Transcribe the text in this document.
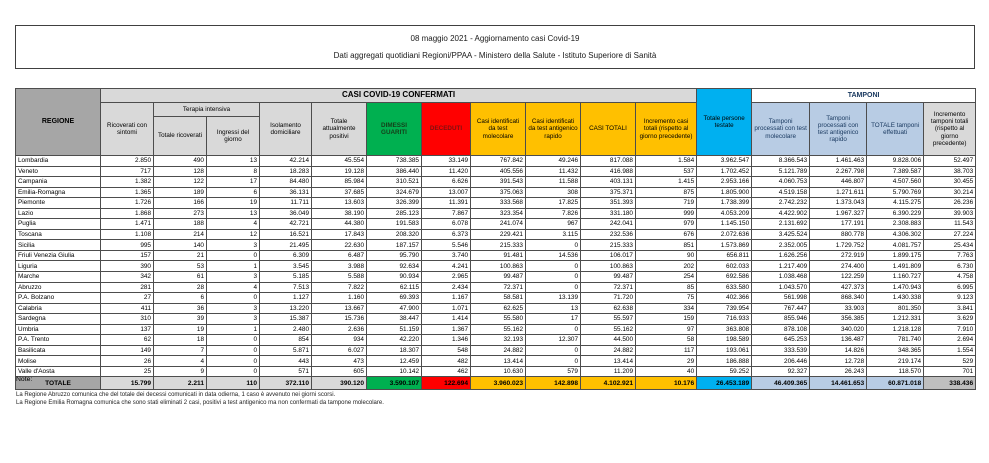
08 maggio 2021 - Aggiornamento casi Covid-19
Dati aggregati quotidiani Regioni/PPAA - Ministero della Salute - Istituto Superiore di Sanità
REGIONE	CASI COVID-19 CONFERMATI											Totale persone testate	TAMPONI			
	Ricoverati con sintomi	Terapia intensiva		Isolamento domiciliare	Totale attualmente positivi	DIMESSI GUARITI	DECEDUTI	Casi identificati da test molecolare	Casi identificati da test antigenico rapido	CASI TOTALI	Incremento casi totali (rispetto al giorno precedente)		Tamponi processati con test molecolare	Tamponi processati con test antigenico rapido	TOTALE tamponi effettuati	Incremento tamponi totali (rispetto al giorno precedente)
		Totale ricoverati	Ingressi del giorno													
Lombardia	2.850	490	13	42.214	45.554	738.385	33.149	767.842	49.246	817.088	1.584	3.962.547	8.366.543	1.461.463	9.828.006	52.497
Veneto	717	128	8	18.283	19.128	386.440	11.420	405.556	11.432	416.988	537	1.702.452	5.121.789	2.267.798	7.389.587	38.703
Campania	1.382	122	17	84.480	85.984	310.521	6.626	391.543	11.588	403.131	1.415	2.953.166	4.060.753	446.807	4.507.560	30.455
Emilia-Romagna	1.365	189	6	36.131	37.685	324.679	13.007	375.063	308	375.371	875	1.805.900	4.519.158	1.271.611	5.790.769	30.214
Piemonte	1.726	166	19	11.711	13.603	326.399	11.391	333.568	17.825	351.393	719	1.738.399	2.742.232	1.373.043	4.115.275	26.236
Lazio	1.868	273	13	36.049	38.190	285.123	7.867	323.354	7.826	331.180	999	4.053.209	4.422.902	1.967.327	6.390.229	39.903
Puglia	1.471	188	4	42.721	44.380	191.583	6.078	241.074	967	242.041	979	1.145.150	2.131.692	177.191	2.308.883	11.543
Toscana	1.108	214	12	16.521	17.843	208.320	6.373	229.421	3.115	232.536	676	2.072.636	3.425.524	880.778	4.306.302	27.224
Sicilia	995	140	3	21.495	22.630	187.157	5.546	215.333	0	215.333	851	1.573.869	2.352.005	1.729.752	4.081.757	25.434
Friuli Venezia Giulia	157	21	0	6.309	6.487	95.790	3.740	91.481	14.536	106.017	90	656.811	1.626.256	272.919	1.899.175	7.763
Liguria	390	53	1	3.545	3.988	92.634	4.241	100.863	0	100.863	202	602.033	1.217.409	274.400	1.491.809	6.730
Marche	342	61	3	5.185	5.588	90.934	2.965	99.487	0	99.487	254	692.586	1.038.468	122.259	1.160.727	4.758
Abruzzo	281	28	4	7.513	7.822	62.115	2.434	72.371	0	72.371	85	633.580	1.043.570	427.373	1.470.943	6.995
P.A. Bolzano	27	6	0	1.127	1.160	69.393	1.167	58.581	13.139	71.720	75	402.366	561.998	868.340	1.430.338	9.123
Calabria	411	36	3	13.220	13.667	47.900	1.071	62.625	13	62.638	334	739.954	767.447	33.903	801.350	3.841
Sardegna	310	39	3	15.387	15.736	38.447	1.414	55.580	17	55.597	159	716.933	855.946	356.385	1.212.331	3.629
Umbria	137	19	1	2.480	2.636	51.159	1.367	55.162	0	55.162	97	363.808	878.108	340.020	1.218.128	7.910
P.A. Trento	62	18	0	854	934	42.220	1.346	32.193	12.307	44.500	58	198.589	645.253	136.487	781.740	2.694
Basilicata	149	7	0	5.871	6.027	18.307	548	24.882	0	24.882	117	193.061	333.539	14.826	348.365	1.554
Molise	26	4	0	443	473	12.459	482	13.414	0	13.414	29	186.888	206.446	12.728	219.174	529
Valle d'Aosta	25	9	0	571	605	10.142	462	10.630	579	11.209	40	59.252	92.327	26.243	118.570	701
TOTALE	15.799	2.211	110	372.110	390.120	3.590.107	122.694	3.960.023	142.898	4.102.921	10.176	26.453.189	46.409.365	14.461.653	60.871.018	338.436
Note:
La Regione Abruzzo comunica che del totale dei decessi comunicati in data odierna, 1 caso è avvenuto nei giorni scorsi.
La Regione Emilia Romagna comunica che sono stati eliminati 2 casi, positivi a test antigenico ma non confermati da tampone molecolare.
